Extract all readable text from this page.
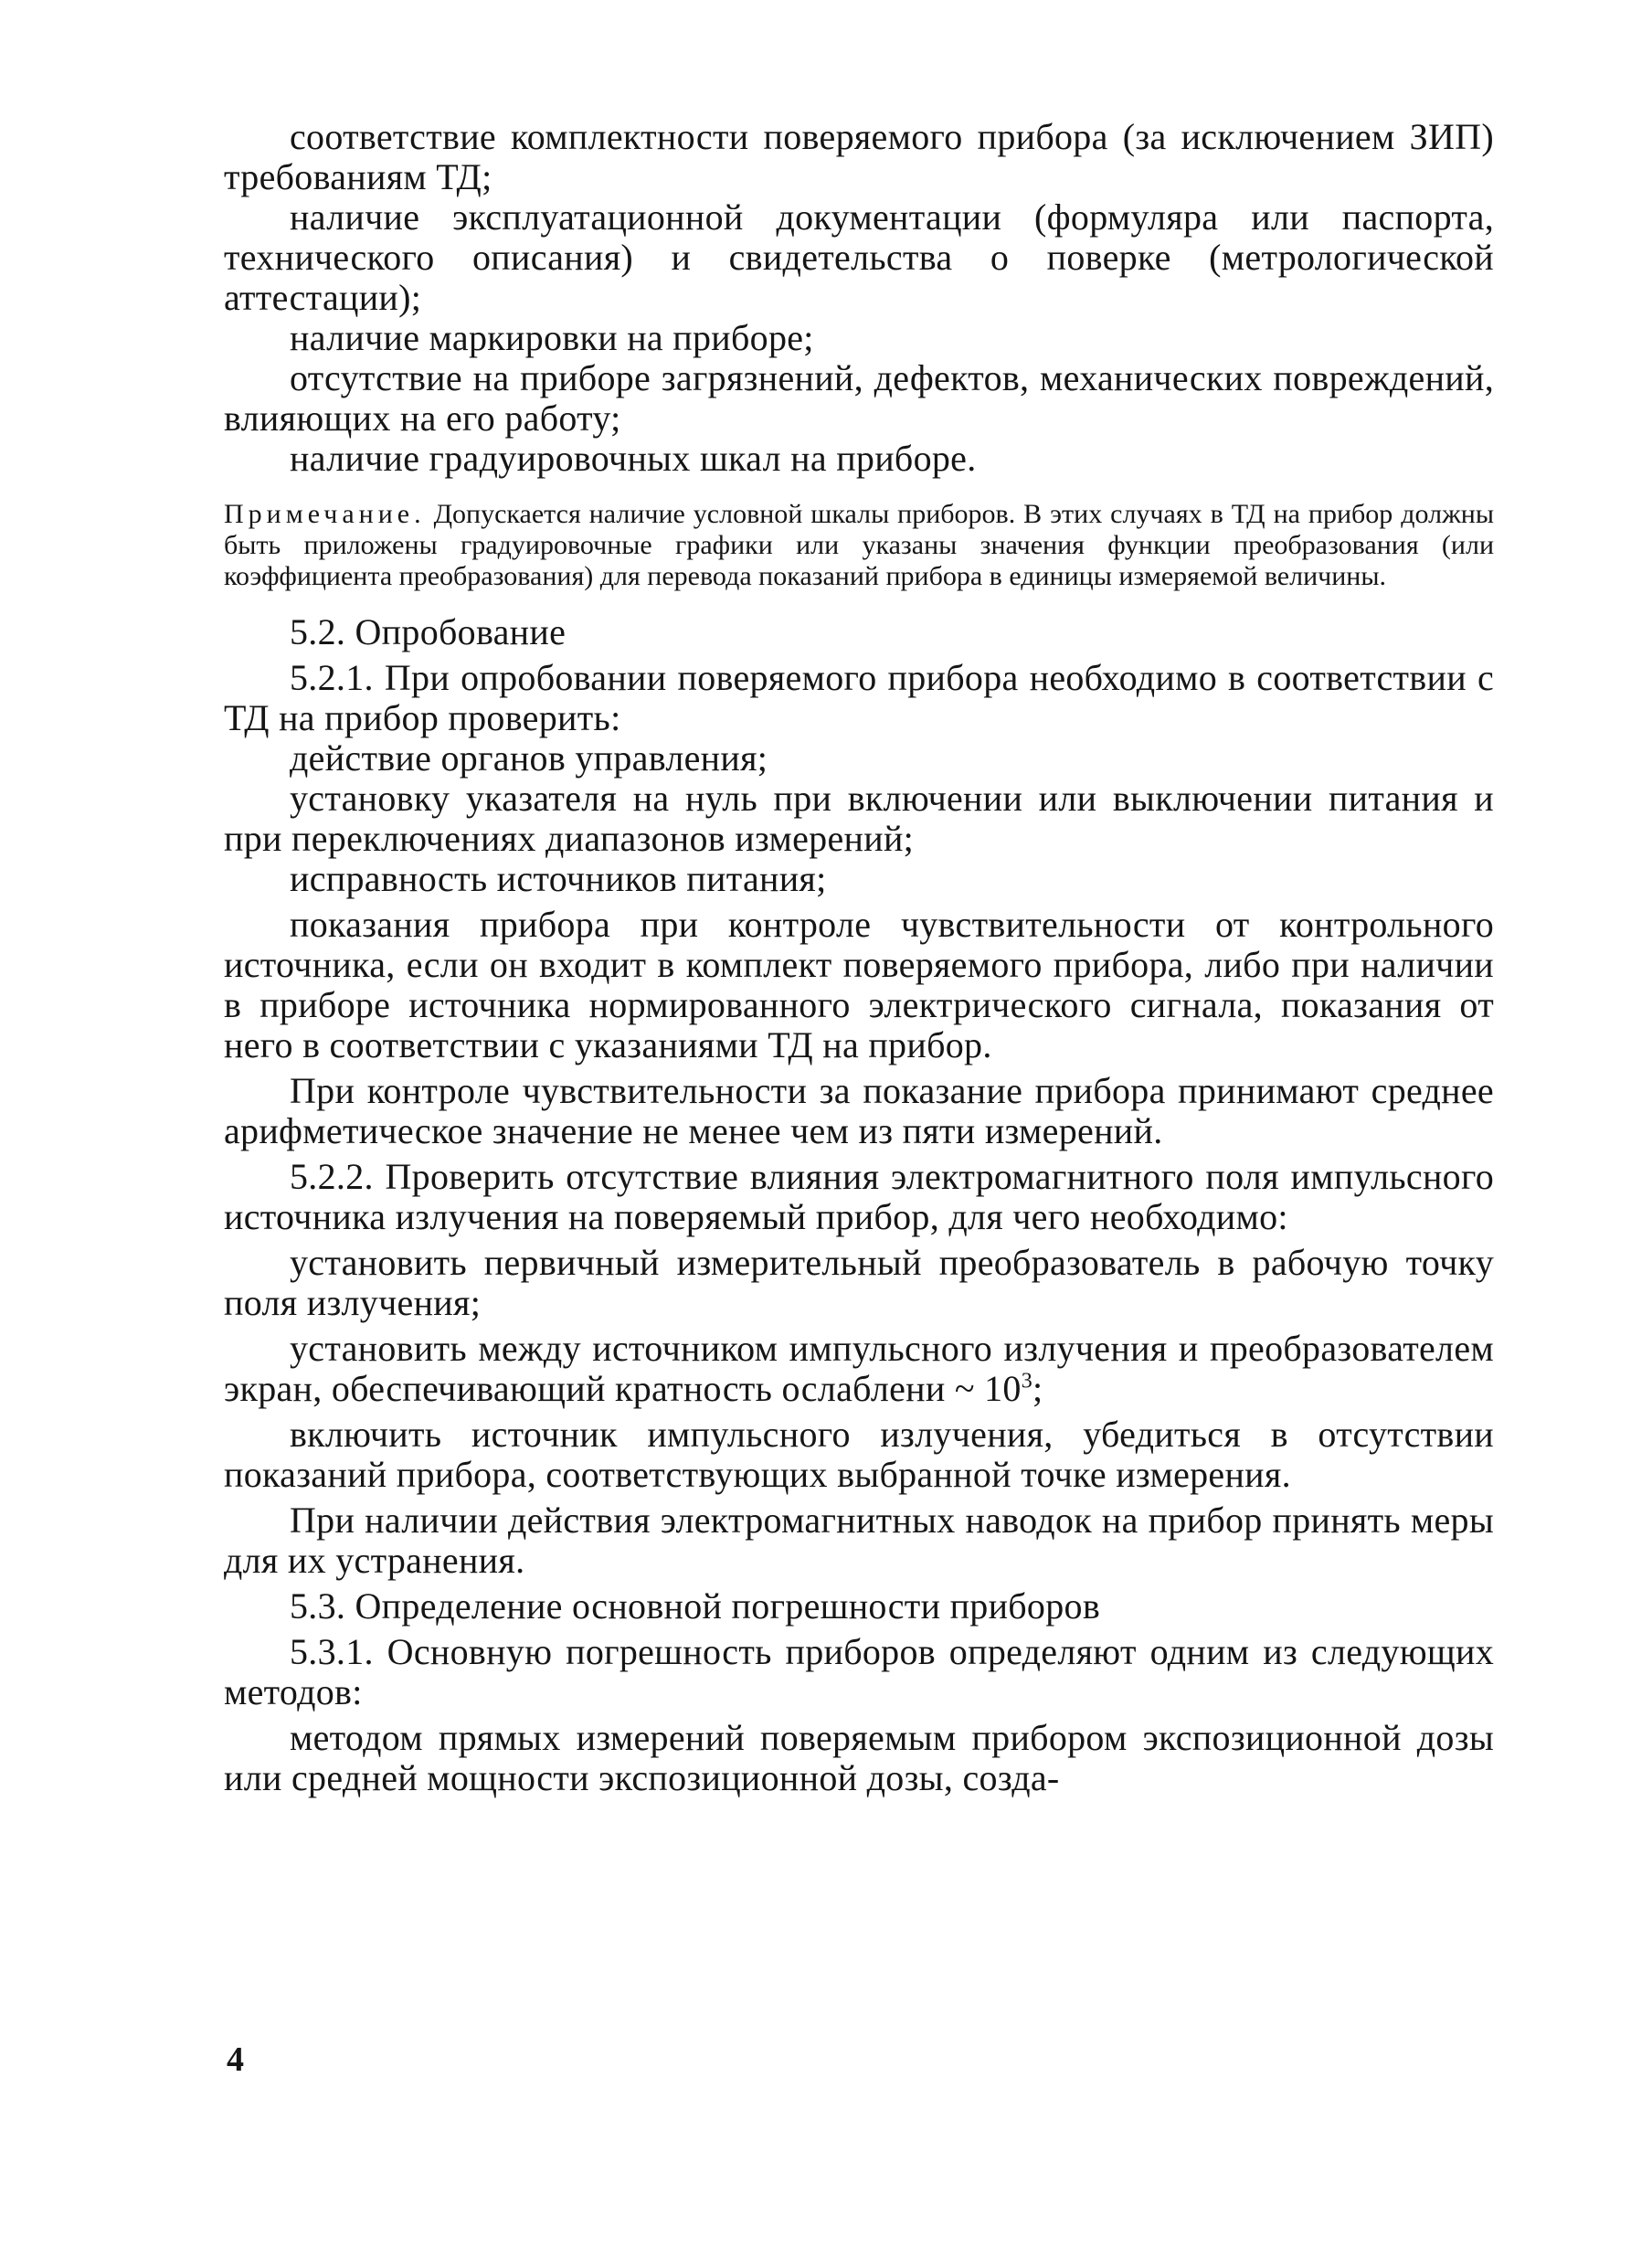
соответствие комплектности поверяемого прибора (за исключением ЗИП) требованиям ТД;

наличие эксплуатационной документации (формуляра или паспорта, технического описания) и свидетельства о поверке (метрологической аттестации);

наличие маркировки на приборе;

отсутствие на приборе загрязнений, дефектов, механических повреждений, влияющих на его работу;

наличие градуировочных шкал на приборе.

Примечание. Допускается наличие условной шкалы приборов. В этих случаях в ТД на прибор должны быть приложены градуировочные графики или указаны значения функции преобразования (или коэффициента преобразования) для перевода показаний прибора в единицы измеряемой величины.

5.2. Опробование

5.2.1. При опробовании поверяемого прибора необходимо в соответствии с ТД на прибор проверить:

действие органов управления;

установку указателя на нуль при включении или выключении питания и при переключениях диапазонов измерений;

исправность источников питания;

показания прибора при контроле чувствительности от контрольного источника, если он входит в комплект поверяемого прибора, либо при наличии в приборе источника нормированного электрического сигнала, показания от него в соответствии с указаниями ТД на прибор.

При контроле чувствительности за показание прибора принимают среднее арифметическое значение не менее чем из пяти измерений.

5.2.2. Проверить отсутствие влияния электромагнитного поля импульсного источника излучения на поверяемый прибор, для чего необходимо:

установить первичный измерительный преобразователь в рабочую точку поля излучения;

установить между источником импульсного излучения и преобразователем экран, обеспечивающий кратность ослаблени ~ $10^3$;

включить источник импульсного излучения, убедиться в отсутствии показаний прибора, соответствующих выбранной точке измерения.

При наличии действия электромагнитных наводок на прибор принять меры для их устранения.

5.3. Определение основной погрешности приборов

5.3.1. Основную погрешность приборов определяют одним из следующих методов:

методом прямых измерений поверяемым прибором экспозиционной дозы или средней мощности экспозиционной дозы, созда-

4
